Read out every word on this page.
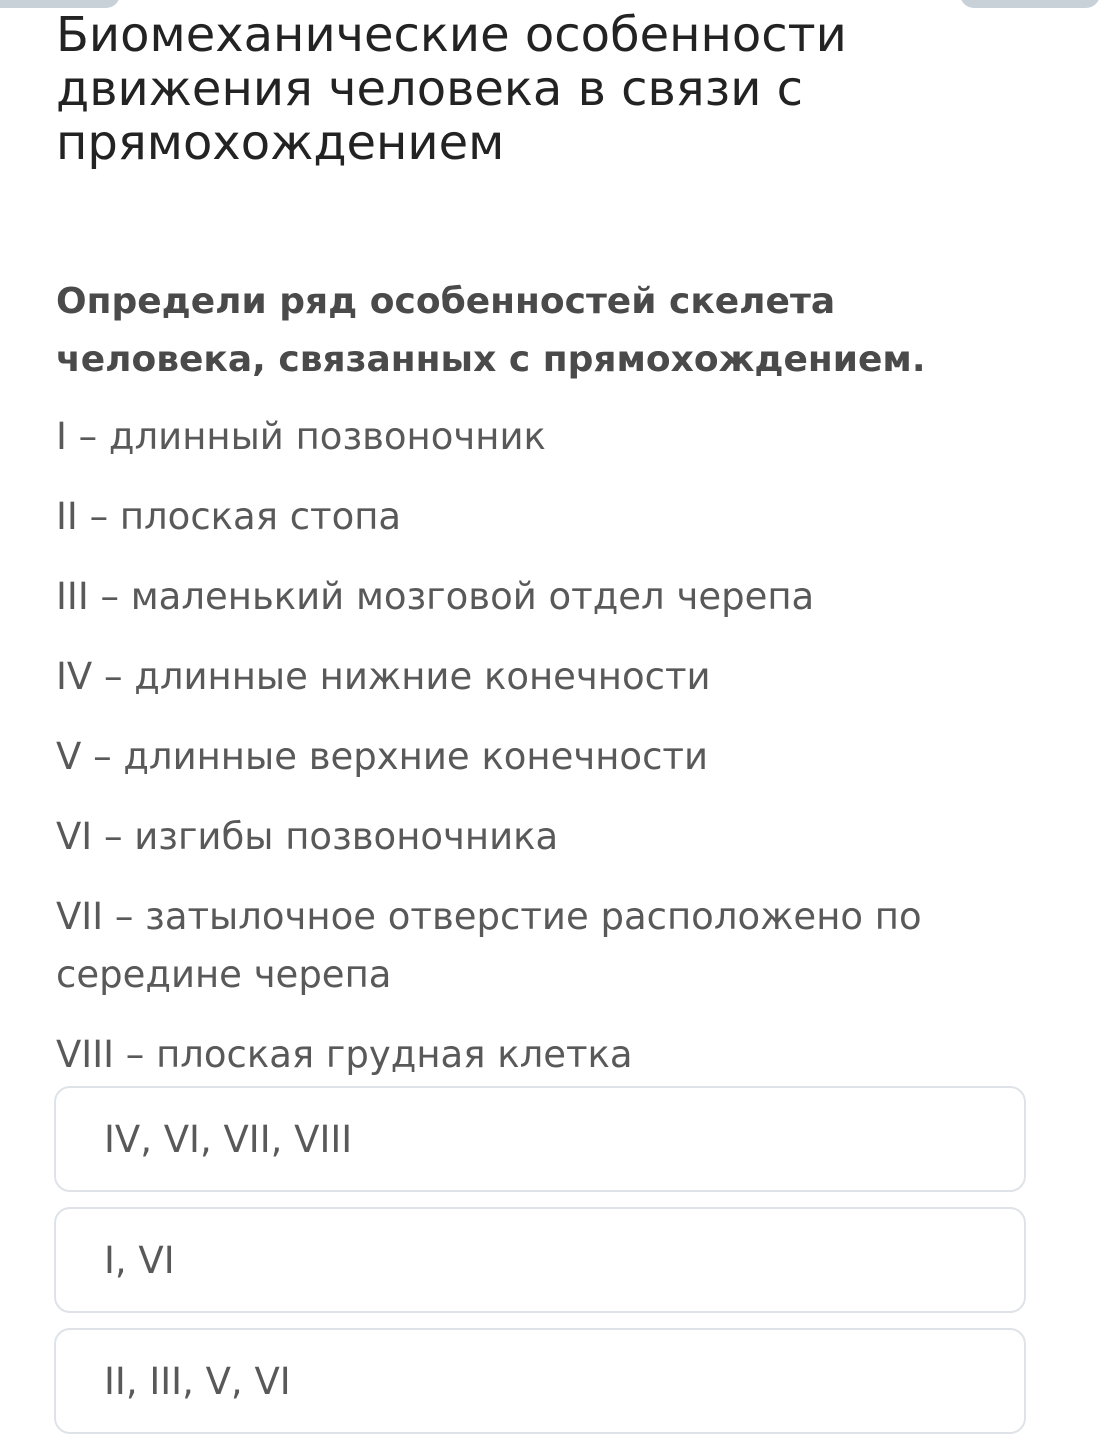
Биомеханические особенности движения человека в связи с прямохождением

Определи ряд особенностей скелета человека, связанных с прямохождением.

I – длинный позвоночник
II – плоская стопа
III – маленький мозговой отдел черепа
IV – длинные нижние конечности
V – длинные верхние конечности
VI – изгибы позвоночника
VII – затылочное отверстие расположено по середине черепа
VIII – плоская грудная клетка
IV, VI, VII, VIII
I, VI
II, III, V, VI
